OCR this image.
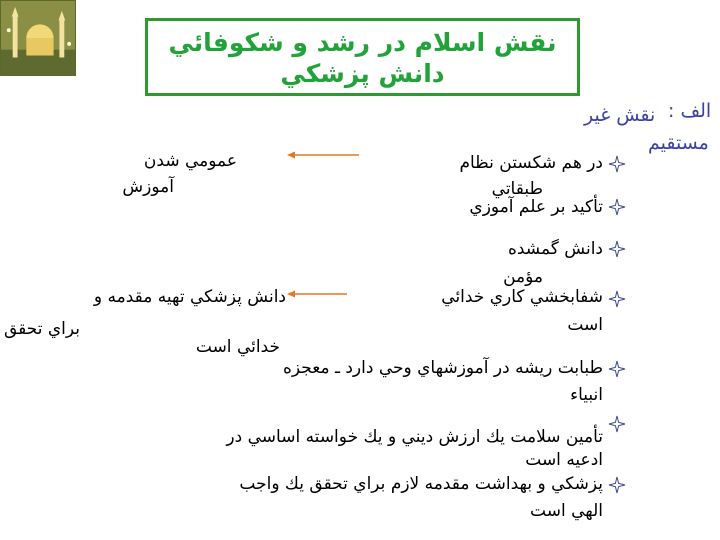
نقش اسلام در رشد و شكوفائي
دانش پزشكي
الف :
نقش غير
مستقيم
در هم شكستن نظام
طبقاتي
تأكيد بر علم آموزي
دانش گمشده
مؤمن
شفابخشي كاري خدائي
است
طبابت ريشه در آموزشهاي وحي دارد ـ معجزه
انبياء
تأمين سلامت يك ارزش ديني و يك خواسته اساسي در
ادعيه است
پزشكي و بهداشت مقدمه لازم براي تحقق يك واجب
الهي است
عمومي شدن
آموزش
دانش پزشكي تهيه مقدمه و
براي تحقق
خدائي است
